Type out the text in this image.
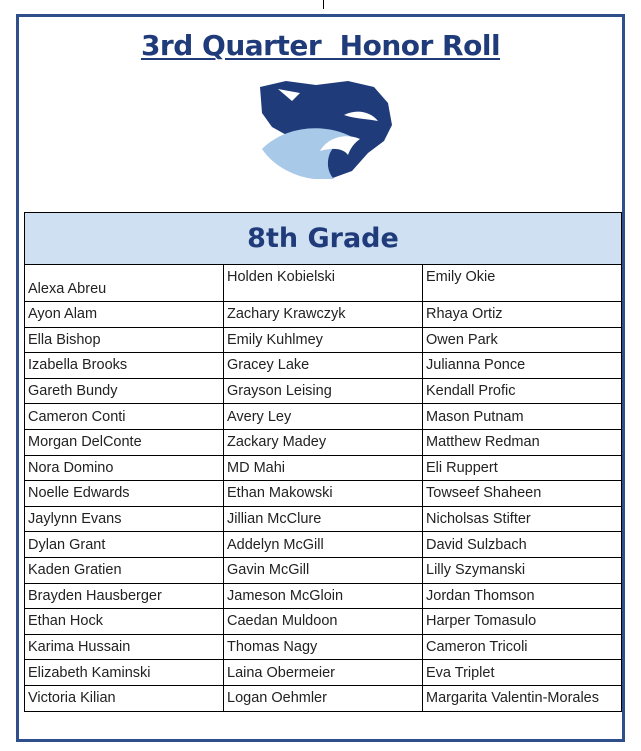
3rd Quarter  Honor Roll
8th Grade		
Alexa Abreu	Holden Kobielski	Emily Okie
Ayon Alam	Zachary Krawczyk	Rhaya Ortiz
Ella Bishop	Emily Kuhlmey	Owen Park
Izabella Brooks	Gracey Lake	Julianna Ponce
Gareth Bundy	Grayson Leising	Kendall Profic
Cameron Conti	Avery Ley	Mason Putnam
Morgan DelConte	Zackary Madey	Matthew Redman
Nora Domino	MD Mahi	Eli Ruppert
Noelle Edwards	Ethan Makowski	Towseef Shaheen
Jaylynn Evans	Jillian McClure	Nicholsas Stifter
Dylan Grant	Addelyn McGill	David Sulzbach
Kaden Gratien	Gavin McGill	Lilly Szymanski
Brayden Hausberger	Jameson McGloin	Jordan Thomson
Ethan Hock	Caedan Muldoon	Harper Tomasulo
Karima Hussain	Thomas Nagy	Cameron Tricoli
Elizabeth Kaminski	Laina Obermeier	Eva Triplet
Victoria Kilian	Logan Oehmler	Margarita Valentin-Morales
